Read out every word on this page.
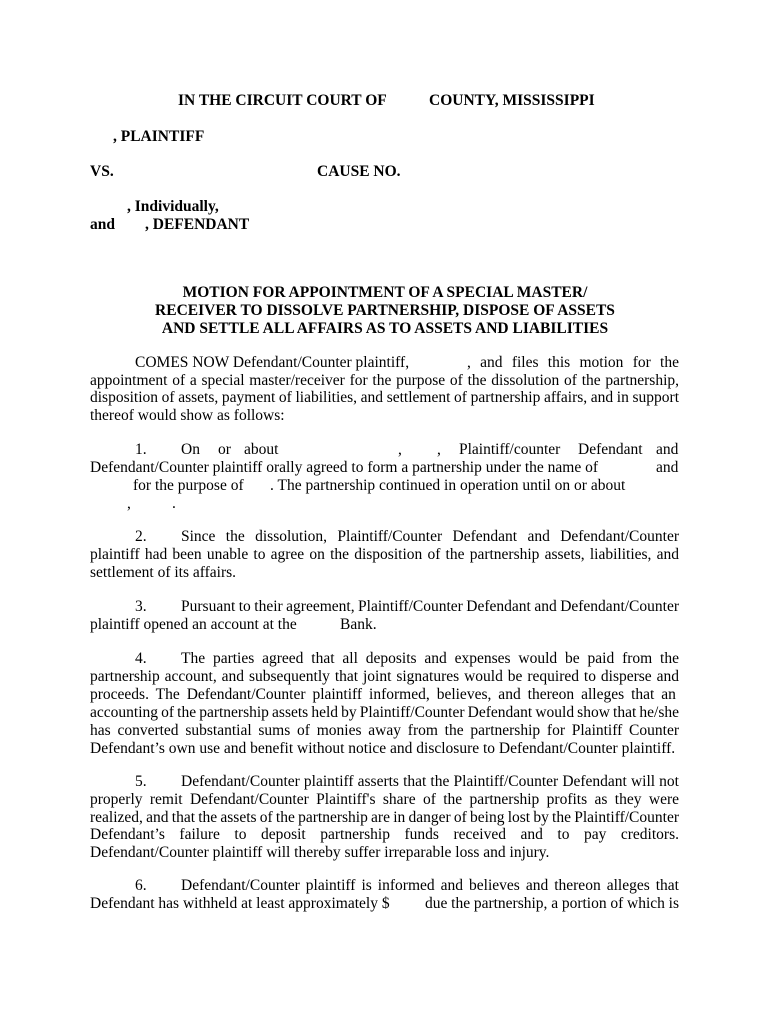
IN THE CIRCUIT COURT OF	COUNTY, MISSISSIPPI
, PLAINTIFF
VS.	CAUSE NO.
, Individually,
and , DEFENDANT
MOTION FOR APPOINTMENT OF A SPECIAL MASTER/
RECEIVER TO DISSOLVE PARTNERSHIP, DISPOSE OF ASSETS
AND SETTLE ALL AFFAIRS AS TO ASSETS AND LIABILITIES
COMES NOW Defendant/Counter plaintiff,	, and files this motion for the
appointment of a special master/receiver for the purpose of the dissolution of the partnership,
disposition of assets, payment of liabilities, and settlement of partnership affairs, and in support
thereof would show as follows:
1. On or about	, , Plaintiff/counter Defendant and
Defendant/Counter plaintiff orally agreed to form a partnership under the name of	and
for the purpose of . The partnership continued in operation until on or about
,	.
2. Since the dissolution, Plaintiff/Counter Defendant and Defendant/Counter
plaintiff had been unable to agree on the disposition of the partnership assets, liabilities, and
settlement of its affairs.
3. Pursuant to their agreement, Plaintiff/Counter Defendant and Defendant/Counter
plaintiff opened an account at the	Bank.
4. The parties agreed that all deposits and expenses would be paid from the
partnership account, and subsequently that joint signatures would be required to disperse and
proceeds. The Defendant/Counter plaintiff informed, believes, and thereon alleges that an
accounting of the partnership assets held by Plaintiff/Counter Defendant would show that he/she
has converted substantial sums of monies away from the partnership for Plaintiff Counter
Defendant’s own use and benefit without notice and disclosure to Defendant/Counter plaintiff.
5. Defendant/Counter plaintiff asserts that the Plaintiff/Counter Defendant will not
properly remit Defendant/Counter Plaintiff's share of the partnership profits as they were
realized, and that the assets of the partnership are in danger of being lost by the Plaintiff/Counter
Defendant’s failure to deposit partnership funds received and to pay creditors.
Defendant/Counter plaintiff will thereby suffer irreparable loss and injury.
6. Defendant/Counter plaintiff is informed and believes and thereon alleges that
Defendant has withheld at least approximately $ due the partnership, a portion of which is
